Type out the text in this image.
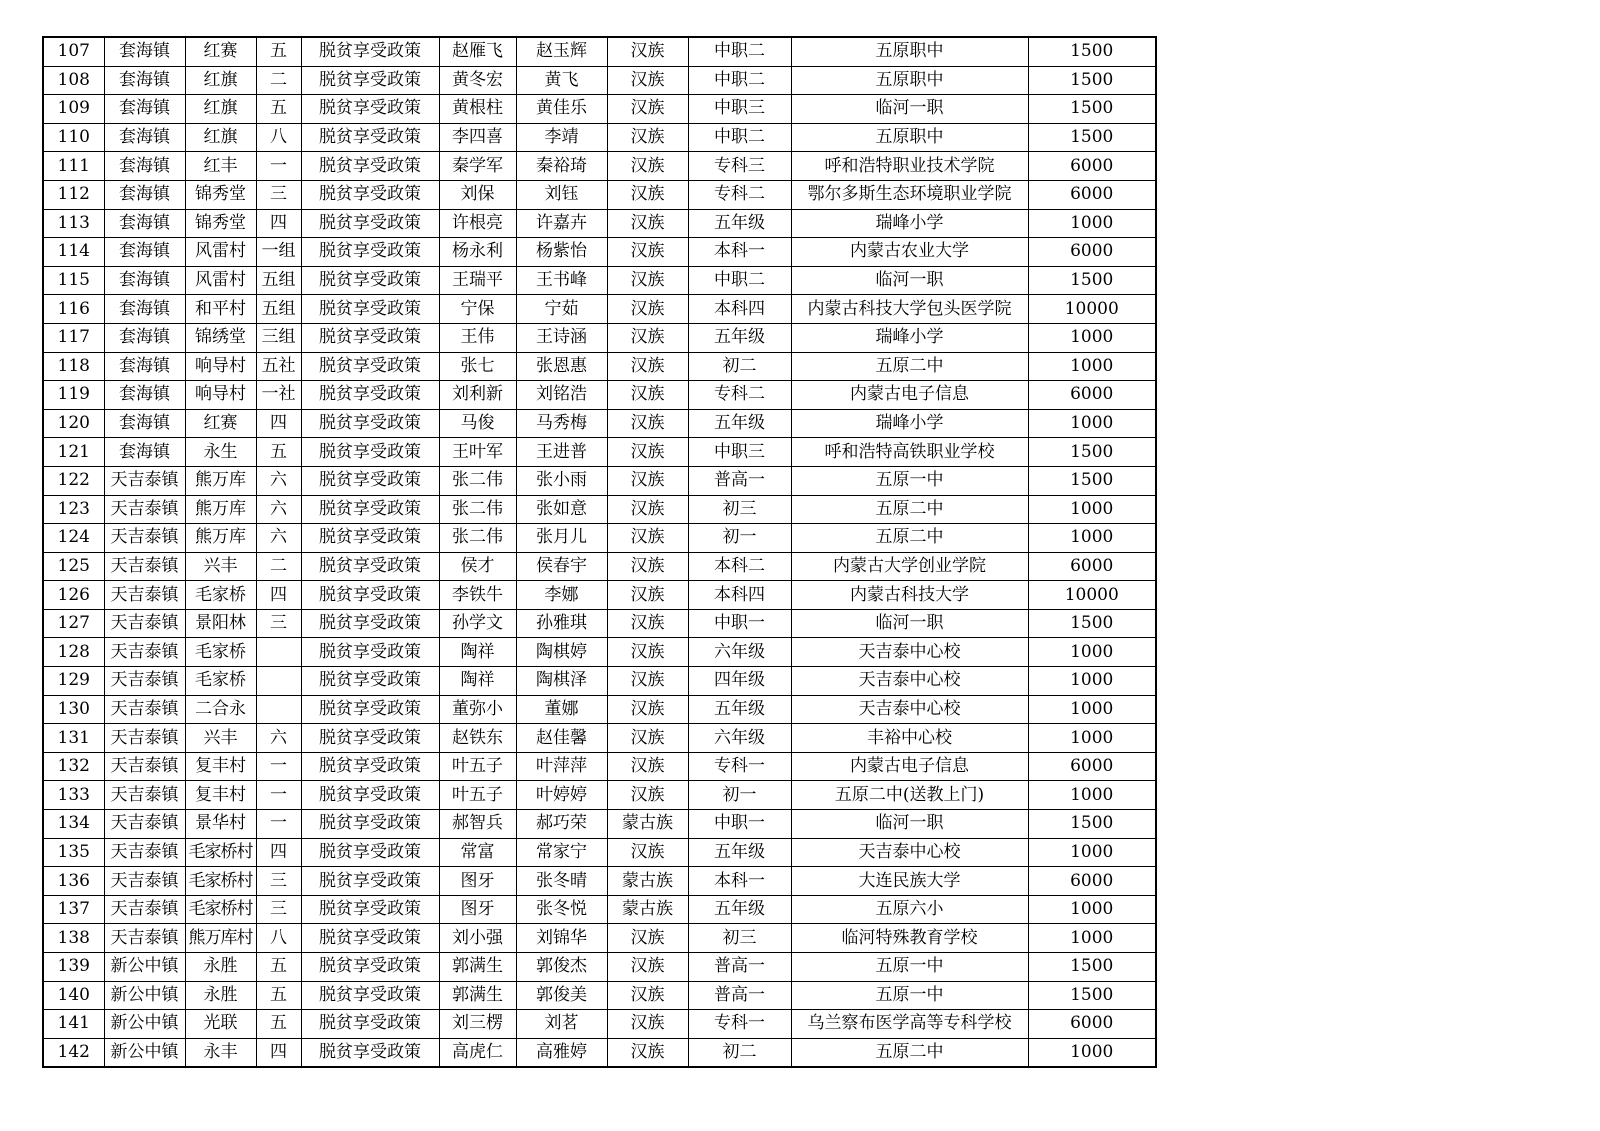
107	套海镇	红赛	五	脱贫享受政策	赵雁飞	赵玉辉	汉族	中职二	五原职中	1500
108	套海镇	红旗	二	脱贫享受政策	黄冬宏	黄飞	汉族	中职二	五原职中	1500
109	套海镇	红旗	五	脱贫享受政策	黄根柱	黄佳乐	汉族	中职三	临河一职	1500
110	套海镇	红旗	八	脱贫享受政策	李四喜	李靖	汉族	中职二	五原职中	1500
111	套海镇	红丰	一	脱贫享受政策	秦学军	秦裕琦	汉族	专科三	呼和浩特职业技术学院	6000
112	套海镇	锦秀堂	三	脱贫享受政策	刘保	刘钰	汉族	专科二	鄂尔多斯生态环境职业学院	6000
113	套海镇	锦秀堂	四	脱贫享受政策	许根亮	许嘉卉	汉族	五年级	瑞峰小学	1000
114	套海镇	风雷村	一组	脱贫享受政策	杨永利	杨紫怡	汉族	本科一	内蒙古农业大学	6000
115	套海镇	风雷村	五组	脱贫享受政策	王瑞平	王书峰	汉族	中职二	临河一职	1500
116	套海镇	和平村	五组	脱贫享受政策	宁保	宁茹	汉族	本科四	内蒙古科技大学包头医学院	10000
117	套海镇	锦绣堂	三组	脱贫享受政策	王伟	王诗涵	汉族	五年级	瑞峰小学	1000
118	套海镇	响导村	五社	脱贫享受政策	张七	张恩惠	汉族	初二	五原二中	1000
119	套海镇	响导村	一社	脱贫享受政策	刘利新	刘铭浩	汉族	专科二	内蒙古电子信息	6000
120	套海镇	红赛	四	脱贫享受政策	马俊	马秀梅	汉族	五年级	瑞峰小学	1000
121	套海镇	永生	五	脱贫享受政策	王叶军	王进普	汉族	中职三	呼和浩特高铁职业学校	1500
122	天吉泰镇	熊万库	六	脱贫享受政策	张二伟	张小雨	汉族	普高一	五原一中	1500
123	天吉泰镇	熊万库	六	脱贫享受政策	张二伟	张如意	汉族	初三	五原二中	1000
124	天吉泰镇	熊万库	六	脱贫享受政策	张二伟	张月儿	汉族	初一	五原二中	1000
125	天吉泰镇	兴丰	二	脱贫享受政策	侯才	侯春宇	汉族	本科二	内蒙古大学创业学院	6000
126	天吉泰镇	毛家桥	四	脱贫享受政策	李铁牛	李娜	汉族	本科四	内蒙古科技大学	10000
127	天吉泰镇	景阳林	三	脱贫享受政策	孙学文	孙雅琪	汉族	中职一	临河一职	1500
128	天吉泰镇	毛家桥		脱贫享受政策	陶祥	陶棋婷	汉族	六年级	天吉泰中心校	1000
129	天吉泰镇	毛家桥		脱贫享受政策	陶祥	陶棋泽	汉族	四年级	天吉泰中心校	1000
130	天吉泰镇	二合永		脱贫享受政策	董弥小	董娜	汉族	五年级	天吉泰中心校	1000
131	天吉泰镇	兴丰	六	脱贫享受政策	赵铁东	赵佳馨	汉族	六年级	丰裕中心校	1000
132	天吉泰镇	复丰村	一	脱贫享受政策	叶五子	叶萍萍	汉族	专科一	内蒙古电子信息	6000
133	天吉泰镇	复丰村	一	脱贫享受政策	叶五子	叶婷婷	汉族	初一	五原二中(送教上门)	1000
134	天吉泰镇	景华村	一	脱贫享受政策	郝智兵	郝巧荣	蒙古族	中职一	临河一职	1500
135	天吉泰镇	毛家桥村	四	脱贫享受政策	常富	常家宁	汉族	五年级	天吉泰中心校	1000
136	天吉泰镇	毛家桥村	三	脱贫享受政策	图牙	张冬晴	蒙古族	本科一	大连民族大学	6000
137	天吉泰镇	毛家桥村	三	脱贫享受政策	图牙	张冬悦	蒙古族	五年级	五原六小	1000
138	天吉泰镇	熊万库村	八	脱贫享受政策	刘小强	刘锦华	汉族	初三	临河特殊教育学校	1000
139	新公中镇	永胜	五	脱贫享受政策	郭满生	郭俊杰	汉族	普高一	五原一中	1500
140	新公中镇	永胜	五	脱贫享受政策	郭满生	郭俊美	汉族	普高一	五原一中	1500
141	新公中镇	光联	五	脱贫享受政策	刘三楞	刘茗	汉族	专科一	乌兰察布医学高等专科学校	6000
142	新公中镇	永丰	四	脱贫享受政策	高虎仁	高雅婷	汉族	初二	五原二中	1000
